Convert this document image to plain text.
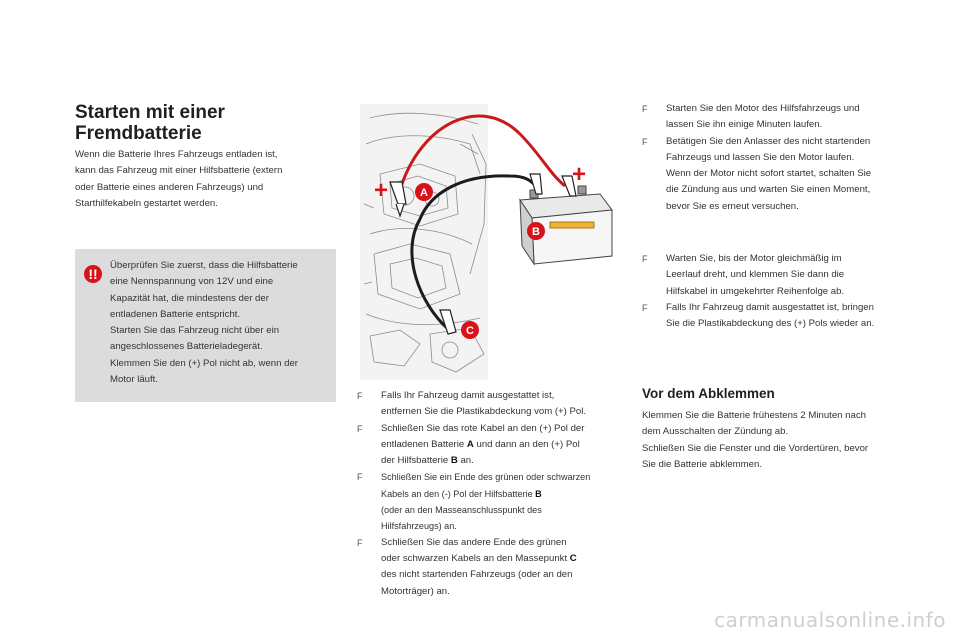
Starten mit einer
Fremdbatterie

Wenn die Batterie Ihres Fahrzeugs entladen ist,

kann das Fahrzeug mit einer Hilfsbatterie (extern

oder Batterie eines anderen Fahrzeugs) und

Starthilfekabeln gestartet werden.

!!

Überprüfen Sie zuerst, dass die Hilfsbatterie

eine Nennspannung von 12V und eine

Kapazität hat, die mindestens der der

entladenen Batterie entspricht.

Starten Sie das Fahrzeug nicht über ein

angeschlossenes Batterieladegerät.

Klemmen Sie den (+) Pol nicht ab, wenn der

Motor läuft.

+
+
A
B
C
F Falls Ihr Fahrzeug damit ausgestattet ist,
entfernen Sie die Plastikabdeckung vom (+) Pol.
F Schließen Sie das rote Kabel an den (+) Pol der
entladenen Batterie A und dann an den (+) Pol
der Hilfsbatterie B an.
F Schließen Sie ein Ende des grünen oder schwarzen
Kabels an den (-) Pol der Hilfsbatterie B
(oder an den Masseanschlusspunkt des
Hilfsfahrzeugs) an.
F Schließen Sie das andere Ende des grünen
oder schwarzen Kabels an den Massepunkt C
des nicht startenden Fahrzeugs (oder an den
Motorträger) an.
F Starten Sie den Motor des Hilfsfahrzeugs und
lassen Sie ihn einige Minuten laufen.
F Betätigen Sie den Anlasser des nicht startenden
Fahrzeugs und lassen Sie den Motor laufen.
Wenn der Motor nicht sofort startet, schalten Sie
die Zündung aus und warten Sie einen Moment,
bevor Sie es erneut versuchen.
F Warten Sie, bis der Motor gleichmäßig im
Leerlauf dreht, und klemmen Sie dann die
Hilfskabel in umgekehrter Reihenfolge ab.
F Falls Ihr Fahrzeug damit ausgestattet ist, bringen
Sie die Plastikabdeckung des (+) Pols wieder an.
Vor dem Abklemmen

Klemmen Sie die Batterie frühestens 2 Minuten nach

dem Ausschalten der Zündung ab.

Schließen Sie die Fenster und die Vordertüren, bevor

Sie die Batterie abklemmen.

carmanualsonline.info
